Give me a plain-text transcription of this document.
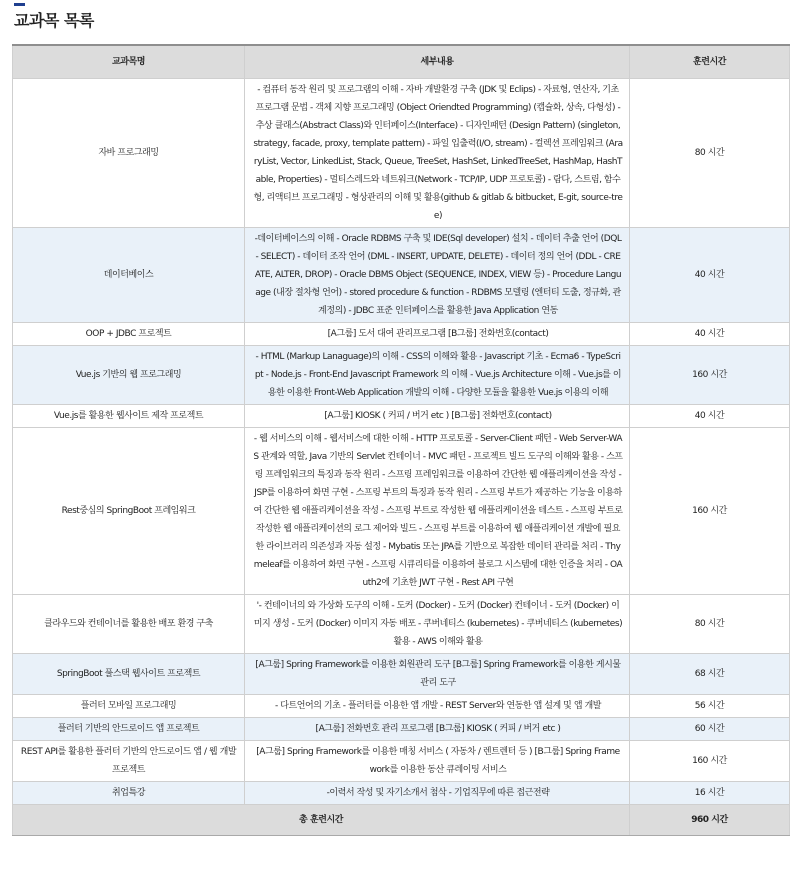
교과목 목록
교과목명	세부내용	훈련시간
자바 프로그래밍	- 컴퓨터 동작 원리 및 프로그램의 이해 - 자바 개발환경 구축 (JDK 및 Eclips) - 자료형, 연산자, 기초 프로그램 문법 - 객체 지향 프로그래밍 (Object Oriendted Programming) (캡슐화, 상속, 다형성) - 추상 클래스(Abstract Class)와 인터페이스(Interface) - 디자인패턴 (Design Pattern) (singleton, strategy, facade, proxy, template pattern) - 파일 입출력(I/O, stream) - 컬렉션 프레임워크 (AraryList, Vector, LinkedList, Stack, Queue, TreeSet, HashSet, LinkedTreeSet, HashMap, HashTable, Properties) - 멀티스레드와 네트워크(Network - TCP/IP, UDP 프로토콜) - 람다, 스트림, 함수형, 리액티브 프로그래밍 - 형상관리의 이해 및 활용(github & gitlab & bitbucket, E-git, source-tree)	80 시간
데이터베이스	-데이터베이스의 이해 - Oracle RDBMS 구축 및 IDE(Sql developer) 설치 - 데이터 추출 언어 (DQL - SELECT) - 데이터 조작 언어 (DML - INSERT, UPDATE, DELETE) - 데이터 정의 언어 (DDL - CREATE, ALTER, DROP) - Oracle DBMS Object (SEQUENCE, INDEX, VIEW 등) - Procedure Language (내장 절차형 언어) - stored procedure & function - RDBMS 모델링 (엔터티 도출, 정규화, 관계정의) - JDBC 표준 인터페이스를 활용한 Java Application 연동	40 시간
OOP + JDBC 프로젝트	[A그룹] 도서 대여 관리프로그램 [B그룹] 전화번호(contact)	40 시간
Vue.js 기반의 웹 프로그래밍	- HTML (Markup Lanaguage)의 이해 - CSS의 이해와 활용 - Javascript 기초 - Ecma6 - TypeScript - Node.js - Front-End Javascript Framework 의 이해 - Vue.js Architecture 이해 - Vue.js를 이용한 이용한 Front-Web Application 개발의 이해 - 다양한 모듈을 활용한 Vue.js 이용의 이해	160 시간
Vue.js를 활용한 웹사이트 제작 프로젝트	[A그룹] KIOSK ( 커피 / 버거 etc ) [B그룹] 전화번호(contact)	40 시간
Rest중심의 SpringBoot 프레임워크	- 웹 서비스의 이해 - 웹서비스에 대한 이해 - HTTP 프로토콜 - Server-Client 패턴 - Web Server-WAS 관계와 역할, Java 기반의 Servlet 컨테이너 - MVC 패턴 - 프로젝트 빌드 도구의 이해와 활용 - 스프링 프레임워크의 특징과 동작 원리 - 스프링 프레임워크를 이용하여 간단한 웹 애플리케이션을 작성 - JSP를 이용하여 화면 구현 - 스프링 부트의 특징과 동작 원리 - 스프링 부트가 제공하는 기능을 이용하여 간단한 웹 애플리케이션을 작성 - 스프링 부트로 작성한 웹 애플리케이션을 테스트 - 스프링 부트로 작성한 웹 애플리케이션의 로그 제어와 빌드 - 스프링 부트를 이용하여 웹 애플리케이션 개발에 필요한 라이브러리 의존성과 자동 설정 - Mybatis 또는 JPA를 기반으로 복잡한 데이터 관리를 처리 - Thymeleaf를 이용하여 화면 구현 - 스프링 시큐리티를 이용하여 블로그 시스템에 대한 인증을 처리 - OAuth2에 기초한 JWT 구현 - Rest API 구현	160 시간
클라우드와 컨테이너를 활용한 배포 환경 구축	'- 컨테이너의 와 가상화 도구의 이해 - 도커 (Docker) - 도커 (Docker) 컨테이너 - 도커 (Docker) 이미지 생성 - 도커 (Docker) 이미지 자동 배포 - 쿠버네티스 (kubernetes) - 쿠버네티스 (kubernetes) 활용 - AWS 이해와 활용	80 시간
SpringBoot 풀스택 웹사이트 프로젝트	[A그룹] Spring Framework를 이용한 회원관리 도구 [B그룹] Spring Framework를 이용한 게시물 관리 도구	68 시간
플러터 모바일 프로그래밍	- 다트언어의 기초 - 플러터를 이용한 앱 개발 - REST Server와 연동한 앱 설계 및 앱 개발	56 시간
플러터 기반의 안드로이드 앱 프로젝트	[A그룹] 전화번호 관리 프로그램 [B그룹] KIOSK ( 커피 / 버거 etc )	60 시간
REST API를 활용한 플러터 기반의 안드로이드 앱 / 웹 개발 프로젝트	[A그룹] Spring Framework를 이용한 매칭 서비스 ( 자동차 / 렌트렌터 등 ) [B그룹] Spring Framework를 이용한 동산 큐레이팅 서비스	160 시간
취업특강	-이력서 작성 및 자기소개서 첨삭 - 기업직무에 따른 접근전략	16 시간
총 훈련시간		960 시간
